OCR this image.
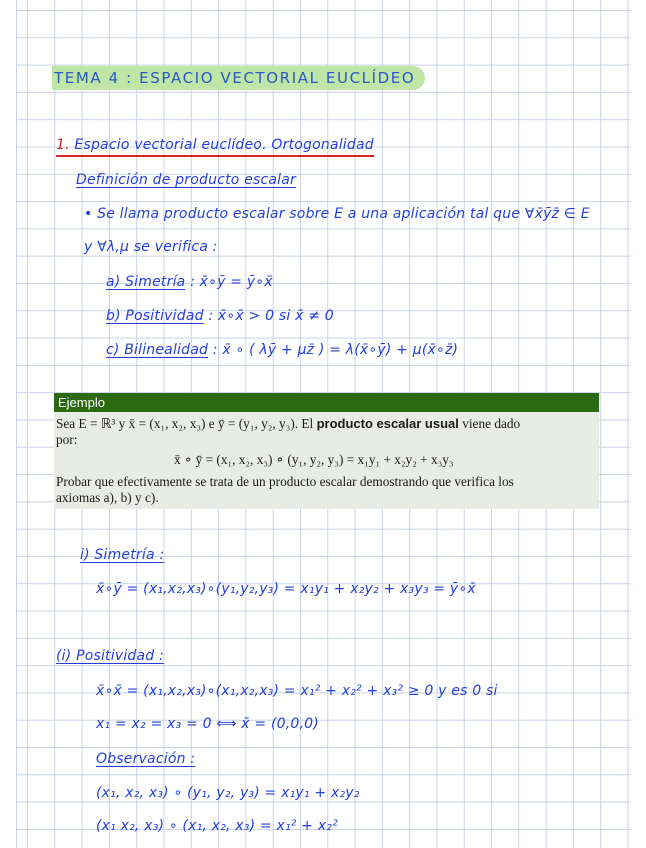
TEMA 4 : ESPACIO VECTORIAL EUCLÍDEO
1. Espacio vectorial euclídeo. Ortogonalidad
Definición de producto escalar
• Se llama producto escalar sobre E a una aplicación tal que ∀x̄ȳz̄ ∈ E
y ∀λ,μ se verifica :
a) Simetría : x̄∘ȳ = ȳ∘x̄
b) Positividad : x̄∘x̄ > 0 si x̄ ≠ 0
c) Bilinealidad : x̄ ∘ ( λȳ + μz̄ ) = λ(x̄∘ȳ) + μ(x̄∘z̄)
Ejemplo
Sea E = ℝ³ y x̄ = (x₁, x₂, x₃) e ȳ = (y₁, y₂, y₃). El producto escalar usual viene dado
por:
x̄ ∘ ȳ = (x₁, x₂, x₃) ∘ (y₁, y₂, y₃) = x₁y₁ + x₂y₂ + x₃y₃
Probar que efectivamente se trata de un producto escalar demostrando que verifica los
axiomas a), b) y c).
i) Simetría :
x̄∘ȳ = (x₁,x₂,x₃)∘(y₁,y₂,y₃) = x₁y₁ + x₂y₂ + x₃y₃ = ȳ∘x̄
(i) Positividad :
x̄∘x̄ = (x₁,x₂,x₃)∘(x₁,x₂,x₃) = x₁² + x₂² + x₃² ≥ 0 y es 0 si
x₁ = x₂ = x₃ = 0 ⟺ x̄ = (0,0,0)
Observación :
(x₁, x₂, x₃) ∘ (y₁, y₂, y₃) = x₁y₁ + x₂y₂
(x₁ x₂, x₃) ∘ (x₁, x₂, x₃) = x₁² + x₂²
